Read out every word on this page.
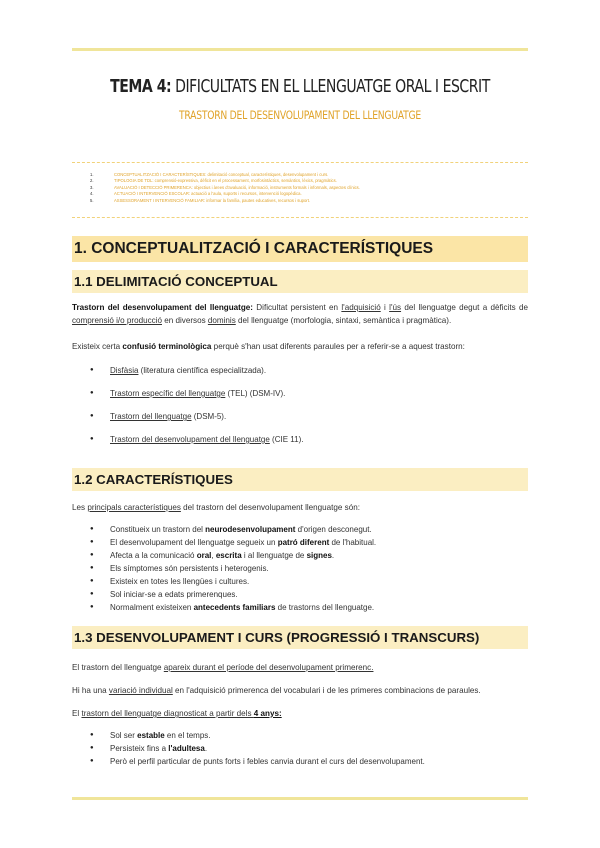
TEMA 4: DIFICULTATS EN EL LLENGUATGE ORAL I ESCRIT
TRASTORN DEL DESENVOLUPAMENT DEL LLENGUATGE
1.	CONCEPTUALITZACIÓ I CARACTERÍSTIQUES: delimitació conceptual, característiques, desenvolupament i curs.
2.	TIPOLOGIA DE TDL: comprensió-expressiva, dèficit en el processament, morfosintàctics, semàntics, lèxics, pragmàtics.
3.	AVALUACIÓ I DETECCIÓ PRIMERENCA: objectius i àrees d'avaluació, informació, instruments formals i informals, aspectes clínics.
4.	ACTUACIÓ I INTERVENCIÓ ESCOLAR: actuació a l'aula, suports i recursos, intervenció logopèdica.
5.	ASSESSORAMENT I INTERVENCIÓ FAMILIAR: informar la família, pautes educatives, recursos i suport.
1. CONCEPTUALITZACIÓ I CARACTERÍSTIQUES
1.1 DELIMITACIÓ CONCEPTUAL
Trastorn del desenvolupament del llenguatge: Dificultat persistent en l'adquisició i l'ús del llenguatge degut a dèficits de comprensió i/o producció en diversos dominis del llenguatge (morfologia, sintaxi, semàntica i pragmàtica).
Existeix certa confusió terminològica perquè s'han usat diferents paraules per a referir-se a aquest trastorn:
● Disfàsia (literatura científica especialitzada).
● Trastorn específic del llenguatge (TEL) (DSM-IV).
● Trastorn del llenguatge (DSM-5).
● Trastorn del desenvolupament del llenguatge (CIE 11).
1.2 CARACTERÍSTIQUES
Les principals característiques del trastorn del desenvolupament llenguatge són:
● Constitueix un trastorn del neurodesenvolupament d'origen desconegut.
● El desenvolupament del llenguatge segueix un patró diferent de l'habitual.
● Afecta a la comunicació oral, escrita i al llenguatge de signes.
● Els símptomes són persistents i heterogenis.
● Existeix en totes les llengües i cultures.
● Sol iniciar-se a edats primerenques.
● Normalment existeixen antecedents familiars de trastorns del llenguatge.
1.3 DESENVOLUPAMENT I CURS (PROGRESSIÓ I TRANSCURS)
El trastorn del llenguatge apareix durant el període del desenvolupament primerenc.
Hi ha una variació individual en l'adquisició primerenca del vocabulari i de les primeres combinacions de paraules.
El trastorn del llenguatge diagnosticat a partir dels 4 anys:
● Sol ser estable en el temps.
● Persisteix fins a l'adultesa.
● Però el perfil particular de punts forts i febles canvia durant el curs del desenvolupament.
